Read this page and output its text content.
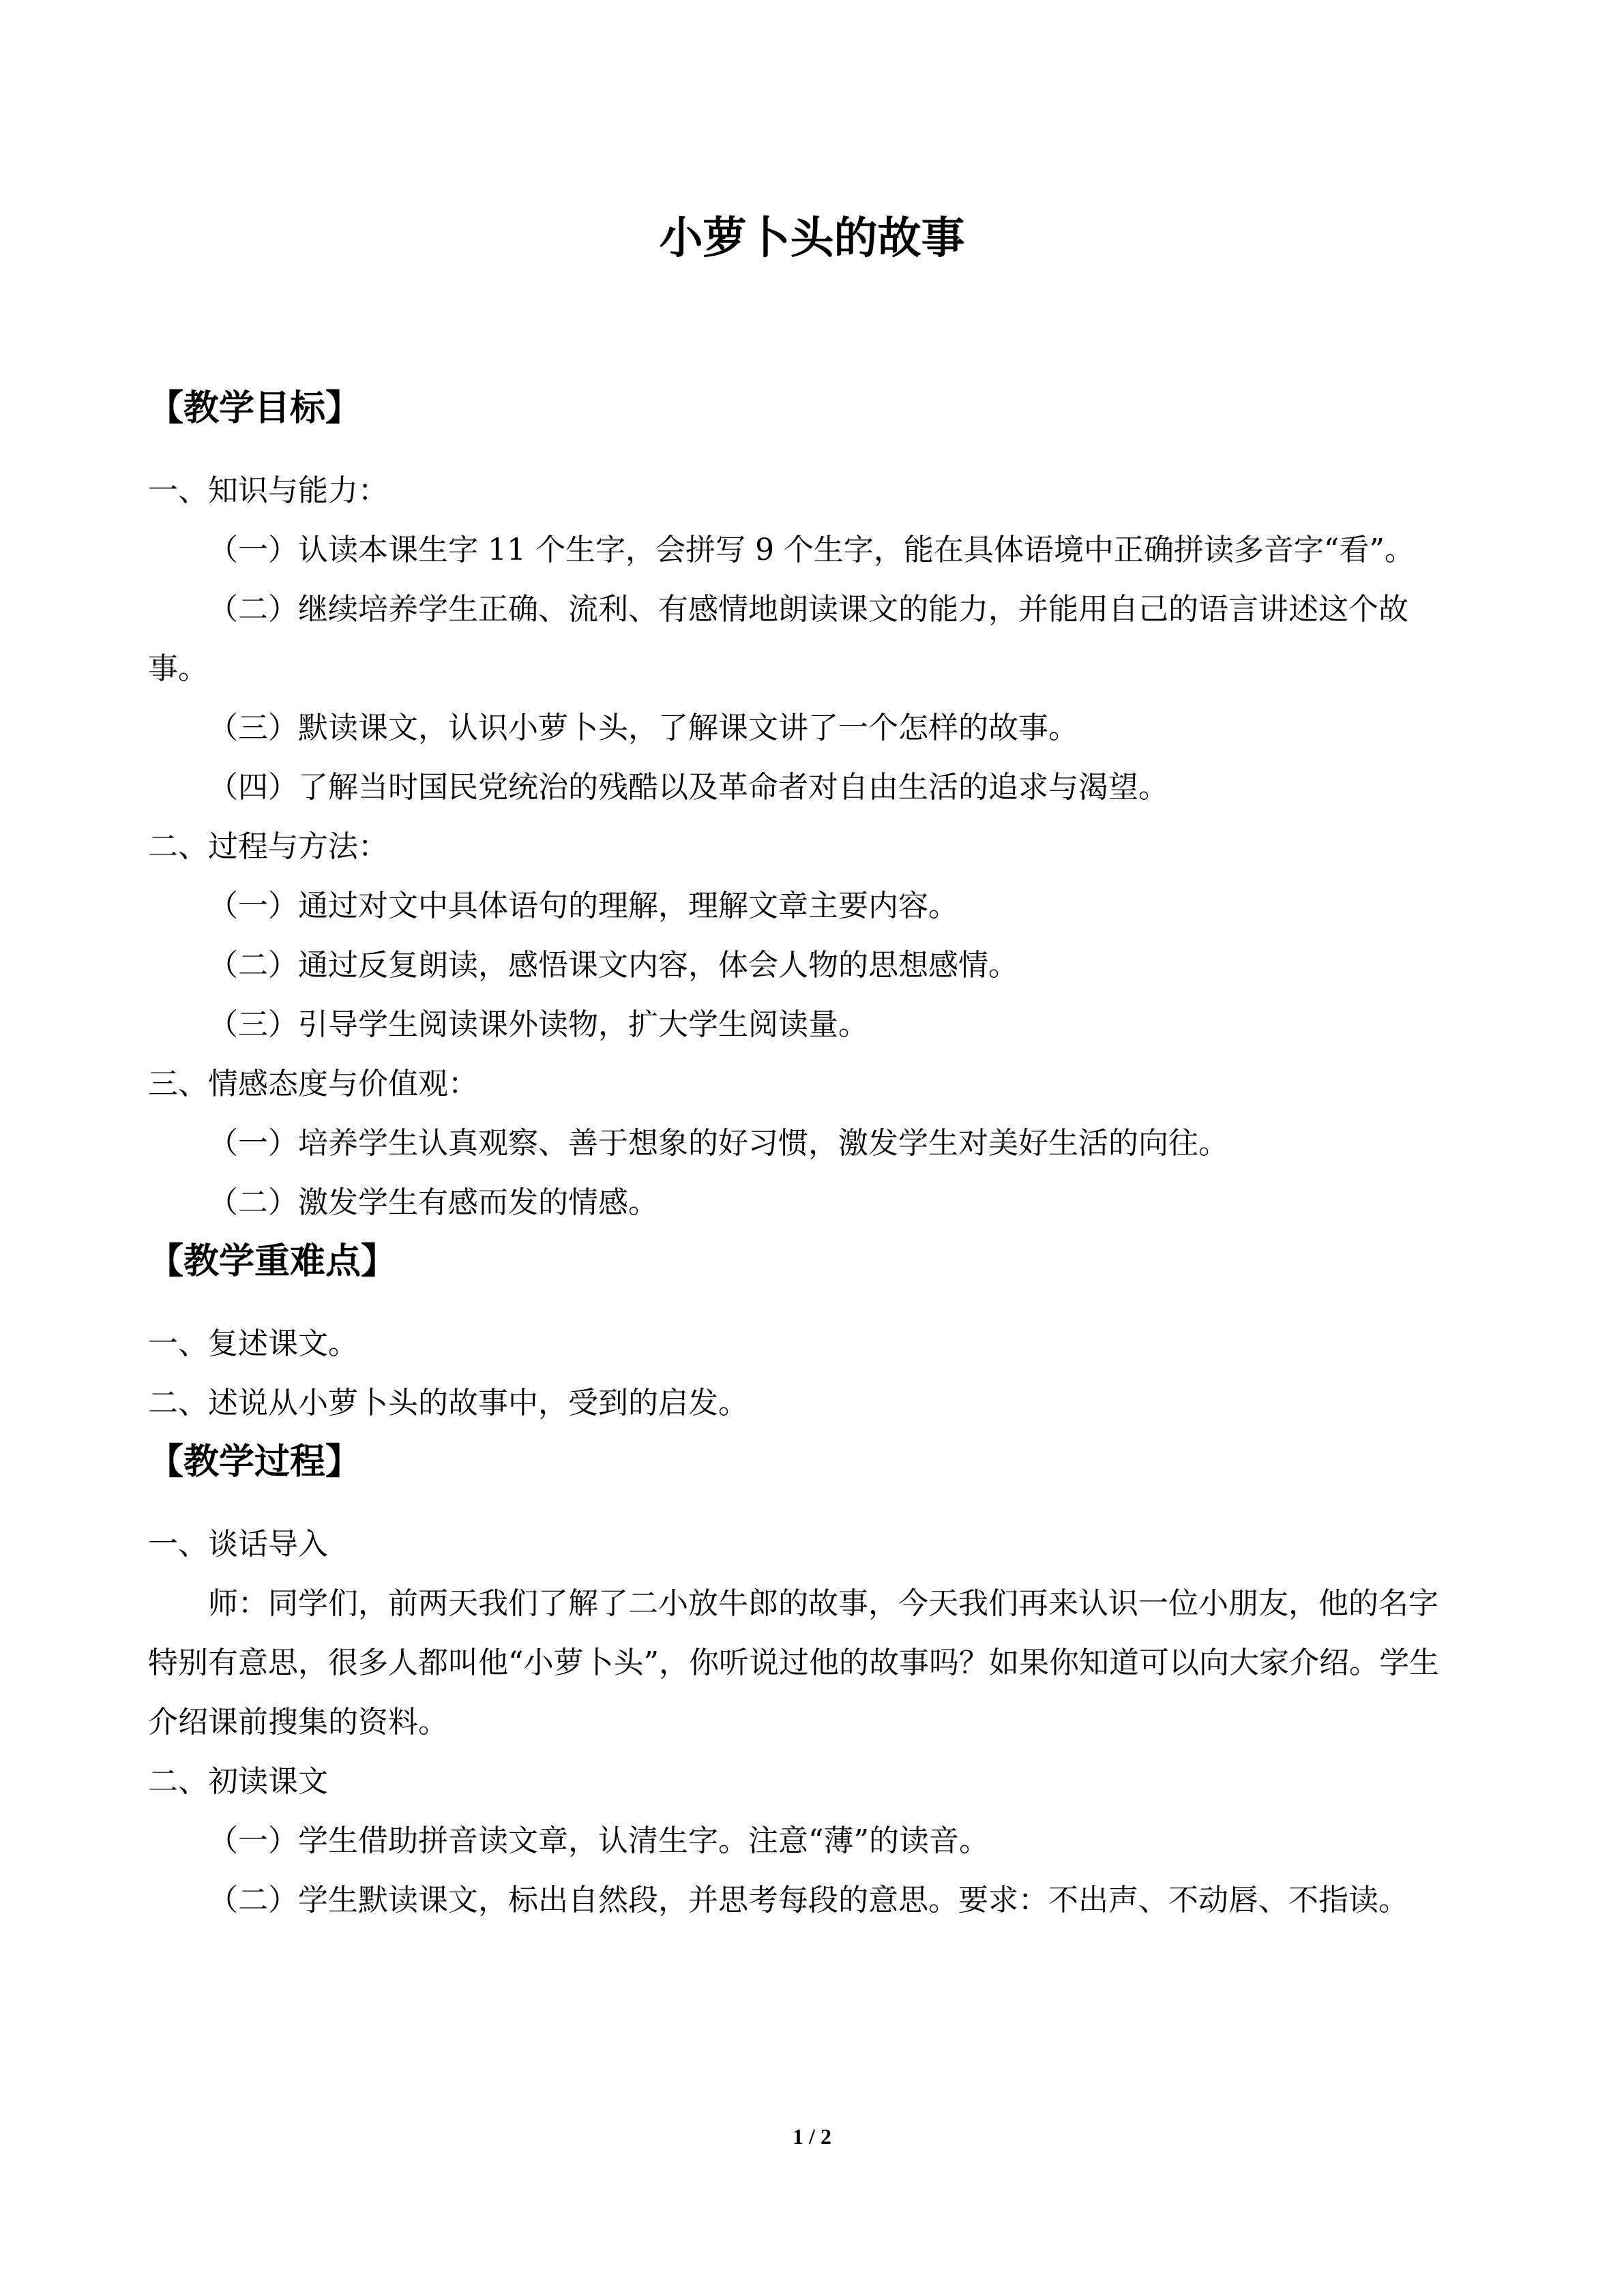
小萝卜头的故事
【教学目标】

一、知识与能力：

（一）认读本课生字 11 个生字，会拼写 9 个生字，能在具体语境中正确拼读多音字“看”。

（二）继续培养学生正确、流利、有感情地朗读课文的能力，并能用自己的语言讲述这个故事。

（三）默读课文，认识小萝卜头，了解课文讲了一个怎样的故事。

（四）了解当时国民党统治的残酷以及革命者对自由生活的追求与渴望。

二、过程与方法：

（一）通过对文中具体语句的理解，理解文章主要内容。

（二）通过反复朗读，感悟课文内容，体会人物的思想感情。

（三）引导学生阅读课外读物，扩大学生阅读量。

三、情感态度与价值观：

（一）培养学生认真观察、善于想象的好习惯，激发学生对美好生活的向往。

（二）激发学生有感而发的情感。

【教学重难点】

一、复述课文。

二、述说从小萝卜头的故事中，受到的启发。

【教学过程】

一、谈话导入

师：同学们，前两天我们了解了二小放牛郎的故事，今天我们再来认识一位小朋友，他的名字特别有意思，很多人都叫他“小萝卜头”，你听说过他的故事吗？如果你知道可以向大家介绍。学生介绍课前搜集的资料。

二、初读课文

（一）学生借助拼音读文章，认清生字。注意“薄”的读音。

（二）学生默读课文，标出自然段，并思考每段的意思。要求：不出声、不动唇、不指读。

1 / 2
